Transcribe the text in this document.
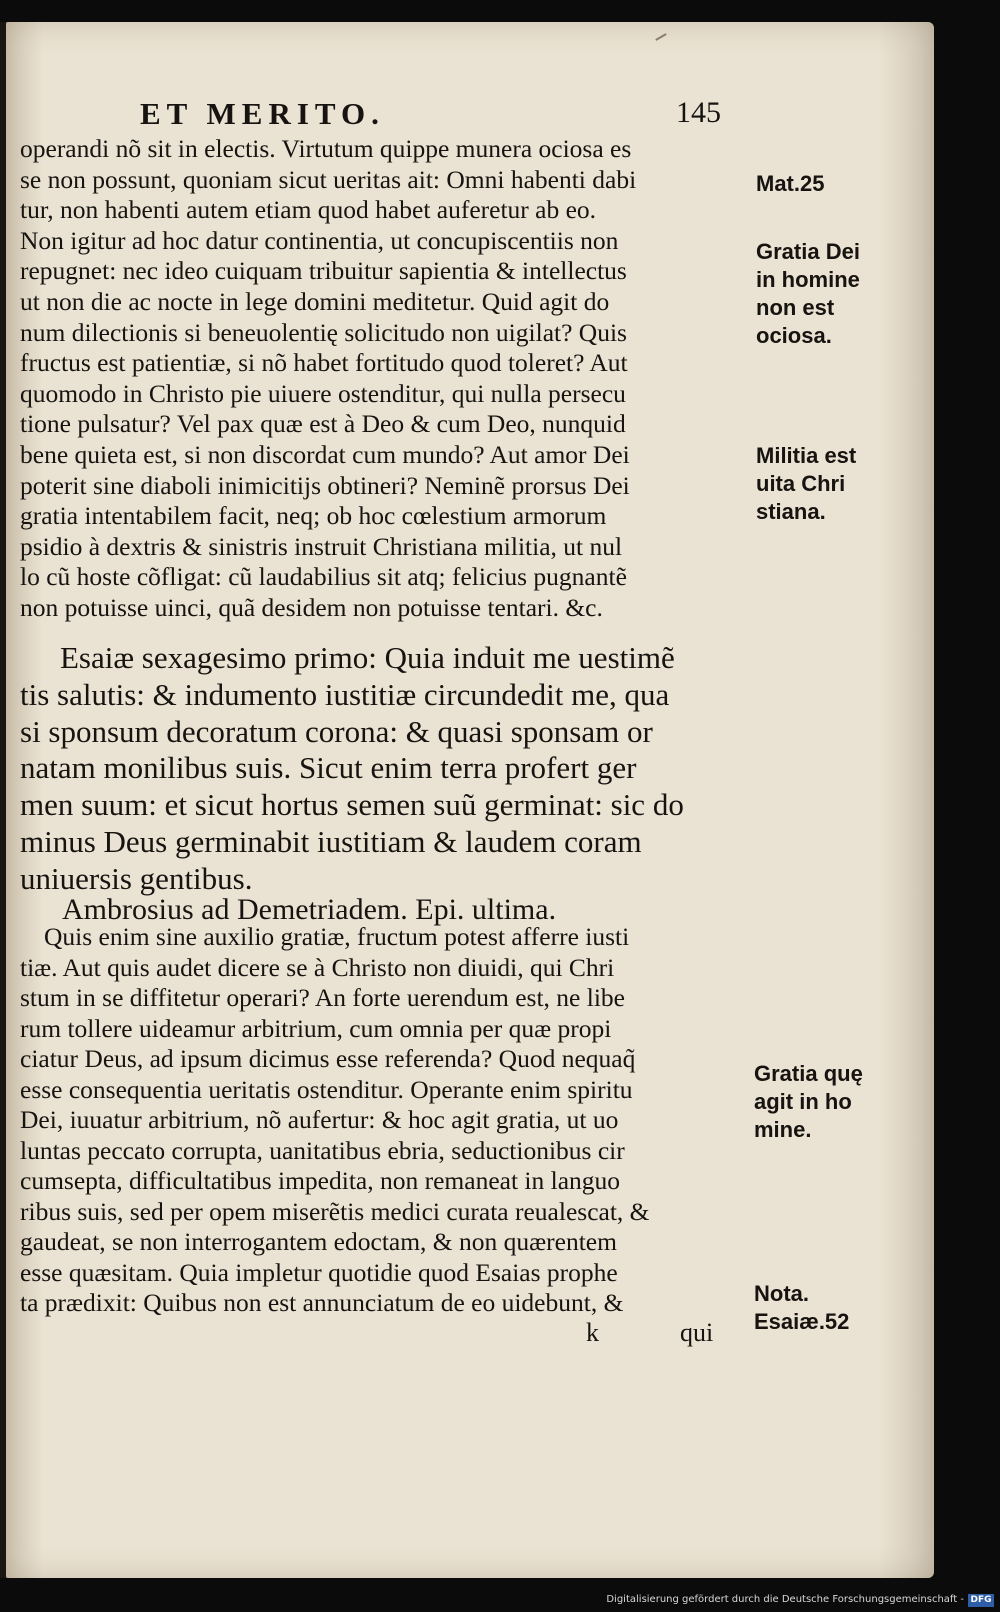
ET MERITO.	145
operandi nõ sit in electis. Virtutum quippe munera ociosa es
se non possunt, quoniam sicut ueritas ait: Omni habenti dabi
tur, non habenti autem etiam quod habet auferetur ab eo.
Non igitur ad hoc datur continentia, ut concupiscentiis non
repugnet: nec ideo cuiquam tribuitur sapientia & intellectus
ut non die ac nocte in lege domini meditetur. Quid agit do
num dilectionis si beneuolentię solicitudo non uigilat? Quis
fructus est patientiæ, si nõ habet fortitudo quod toleret? Aut
quomodo in Christo pie uiuere ostenditur, qui nulla persecu
tione pulsatur? Vel pax quæ est à Deo & cum Deo, nunquid
bene quieta est, si non discordat cum mundo? Aut amor Dei
poterit sine diaboli inimicitijs obtineri? Neminẽ prorsus Dei
gratia intentabilem facit, neq; ob hoc cœlestium armorum
psidio à dextris & sinistris instruit Christiana militia, ut nul
lo cũ hoste cõfligat: cũ laudabilius sit atq; felicius pugnantẽ
non potuisse uinci, quã desidem non potuisse tentari. &c.
Esaiæ sexagesimo primo: Quia induit me uestimẽ
tis salutis: & indumento iustitiæ circundedit me, qua
si sponsum decoratum corona: & quasi sponsam or
natam monilibus suis. Sicut enim terra profert ger
men suum: et sicut hortus semen suũ germinat: sic do
minus Deus germinabit iustitiam & laudem coram
uniuersis gentibus.
Ambrosius ad Demetriadem. Epi. ultima.
Quis enim sine auxilio gratiæ, fructum potest afferre iusti
tiæ. Aut quis audet dicere se à Christo non diuidi, qui Chri
stum in se diffitetur operari? An forte uerendum est, ne libe
rum tollere uideamur arbitrium, cum omnia per quæ propi
ciatur Deus, ad ipsum dicimus esse referenda? Quod nequaq̃
esse consequentia ueritatis ostenditur. Operante enim spiritu
Dei, iuuatur arbitrium, nõ aufertur: & hoc agit gratia, ut uo
luntas peccato corrupta, uanitatibus ebria, seductionibus cir
cumsepta, difficultatibus impedita, non remaneat in languo
ribus suis, sed per opem miserẽtis medici curata reualescat, &
gaudeat, se non interrogantem edoctam, & non quærentem
esse quæsitam. Quia impletur quotidie quod Esaias prophe
ta prædixit: Quibus non est annunciatum de eo uidebunt, &
k	qui
Mat.25
Gratia Dei
in homine
non est
ociosa.
Militia est
uita Chri
stiana.
Gratia quę
agit in ho
mine.
Nota.
Esaiæ.52
Digitalisierung gefördert durch die Deutsche Forschungsgemeinschaft - DFG
